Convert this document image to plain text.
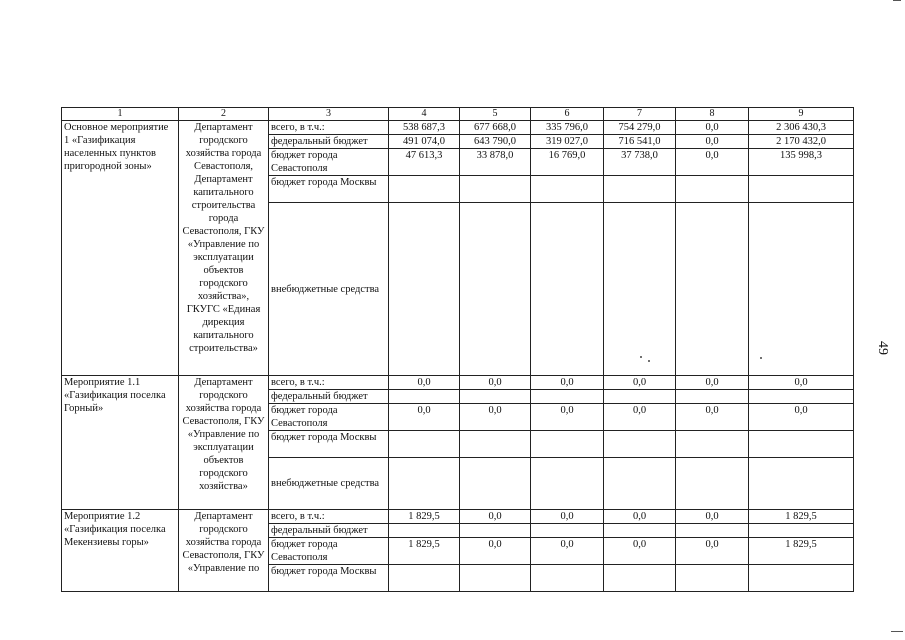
49
1	2	3	4	5	6	7	8	9
Основное мероприятие 1 «Газификация населенных пунктов пригородной зоны»	Департамент городского хозяйства города Севастополя, Департамент капитального строительства города Севастополя, ГКУ «Управление по эксплуатации объектов городского хозяйства», ГКУГС «Единая дирекция капитального строительства»	всего, в т.ч.:	538 687,3	677 668,0	335 796,0	754 279,0	0,0	2 306 430,3
		федеральный бюджет	491 074,0	643 790,0	319 027,0	716 541,0	0,0	2 170 432,0
		бюджет города Севастополя	47 613,3	33 878,0	16 769,0	37 738,0	0,0	135 998,3
		бюджет города Москвы						
		внебюджетные средства						
Мероприятие 1.1 «Газификация поселка Горный»	Департамент городского хозяйства города Севастополя, ГКУ «Управление по эксплуатации объектов городского хозяйства»	всего, в т.ч.:	0,0	0,0	0,0	0,0	0,0	0,0
		федеральный бюджет						
		бюджет города Севастополя	0,0	0,0	0,0	0,0	0,0	0,0
		бюджет города Москвы						
		внебюджетные средства						
Мероприятие 1.2 «Газификация поселка Мекензиевы горы»	Департамент городского хозяйства города Севастополя, ГКУ «Управление по	всего, в т.ч.:	1 829,5	0,0	0,0	0,0	0,0	1 829,5
		федеральный бюджет						
		бюджет города Севастополя	1 829,5	0,0	0,0	0,0	0,0	1 829,5
		бюджет города Москвы						
